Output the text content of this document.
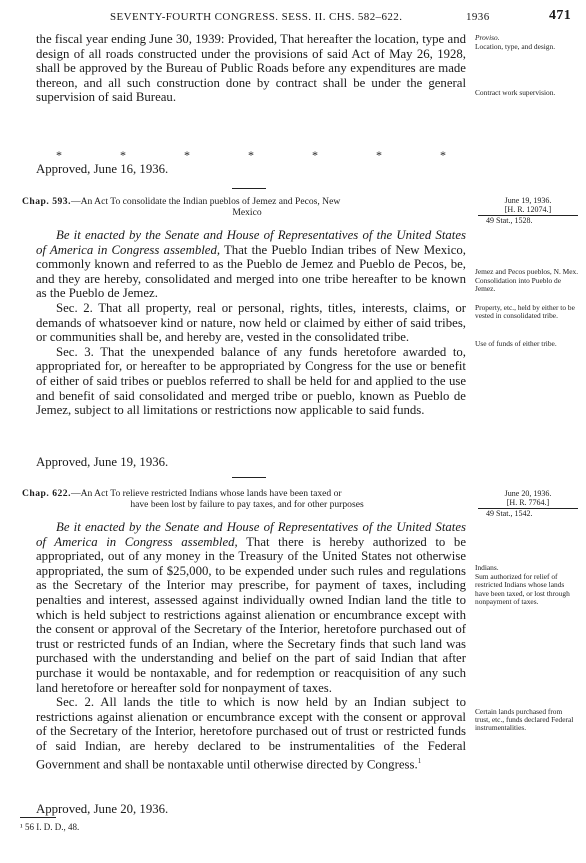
SEVENTY-FOURTH CONGRESS. SESS. II. CHS. 582–622.	1936	471

the fiscal year ending June 30, 1939: Provided, That hereafter the location, type and design of all roads constructed under the provisions of said Act of May 26, 1928, shall be approved by the Bureau of Public Roads before any expenditures are made thereon, and all such construction done by contract shall be under the general supervision of said Bureau.

Proviso.

Location, type, and design.

Contract work supervision.

*	*	*	*	*	*	*
Approved, June 16, 1936.
Chap. 593.—An Act To consolidate the Indian pueblos of Jemez and Pecos, New
Mexico
June 19, 1936.
[H. R. 12074.]
49 Stat., 1528.

Be it enacted by the Senate and House of Representatives of the United States of America in Congress assembled, That the Pueblo Indian tribes of New Mexico, commonly known and referred to as the Pueblo de Jemez and Pueblo de Pecos, be, and they are hereby, consolidated and merged into one tribe hereafter to be known as the Pueblo de Jemez.

Sec. 2. That all property, real or personal, rights, titles, interests, claims, or demands of whatsoever kind or nature, now held or claimed by either of said tribes, or communities shall be, and hereby are, vested in the consolidated tribe.

Sec. 3. That the unexpended balance of any funds heretofore awarded to, appropriated for, or hereafter to be appropriated by Congress for the use or benefit of either of said tribes or pueblos referred to shall be held for and applied to the use and benefit of said consolidated and merged tribe or pueblo, known as Pueblo de Jemez, subject to all limitations or restrictions now applicable to said funds.

Jemez and Pecos pueblos, N. Mex.

Consolidation into Pueblo de Jemez.

Property, etc., held by either to be vested in consolidated tribe.

Use of funds of either tribe.

Approved, June 19, 1936.
Chap. 622.—An Act To relieve restricted Indians whose lands have been taxed or
have been lost by failure to pay taxes, and for other purposes
June 20, 1936.
[H. R. 7764.]
49 Stat., 1542.

Be it enacted by the Senate and House of Representatives of the United States of America in Congress assembled, That there is hereby authorized to be appropriated, out of any money in the Treasury of the United States not otherwise appropriated, the sum of $25,000, to be expended under such rules and regulations as the Secretary of the Interior may prescribe, for payment of taxes, including penalties and interest, assessed against individually owned Indian land the title to which is held subject to restrictions against alienation or encumbrance except with the consent or approval of the Secretary of the Interior, heretofore purchased out of trust or restricted funds of an Indian, where the Secretary finds that such land was purchased with the understanding and belief on the part of said Indian that after purchase it would be nontaxable, and for redemption or reacquisition of any such land heretofore or hereafter sold for nonpayment of taxes.

Sec. 2. All lands the title to which is now held by an Indian subject to restrictions against alienation or encumbrance except with the consent or approval of the Secretary of the Interior, heretofore purchased out of trust or restricted funds of said Indian, are hereby declared to be instrumentalities of the Federal Government and shall be nontaxable until otherwise directed by Congress.$^1$

Indians.

Sum authorized for relief of restricted Indians whose lands have been taxed, or lost through nonpayment of taxes.

Certain lands purchased from trust, etc., funds declared Federal instrumentalities.

Approved, June 20, 1936.
¹ 56 I. D. D., 48.
